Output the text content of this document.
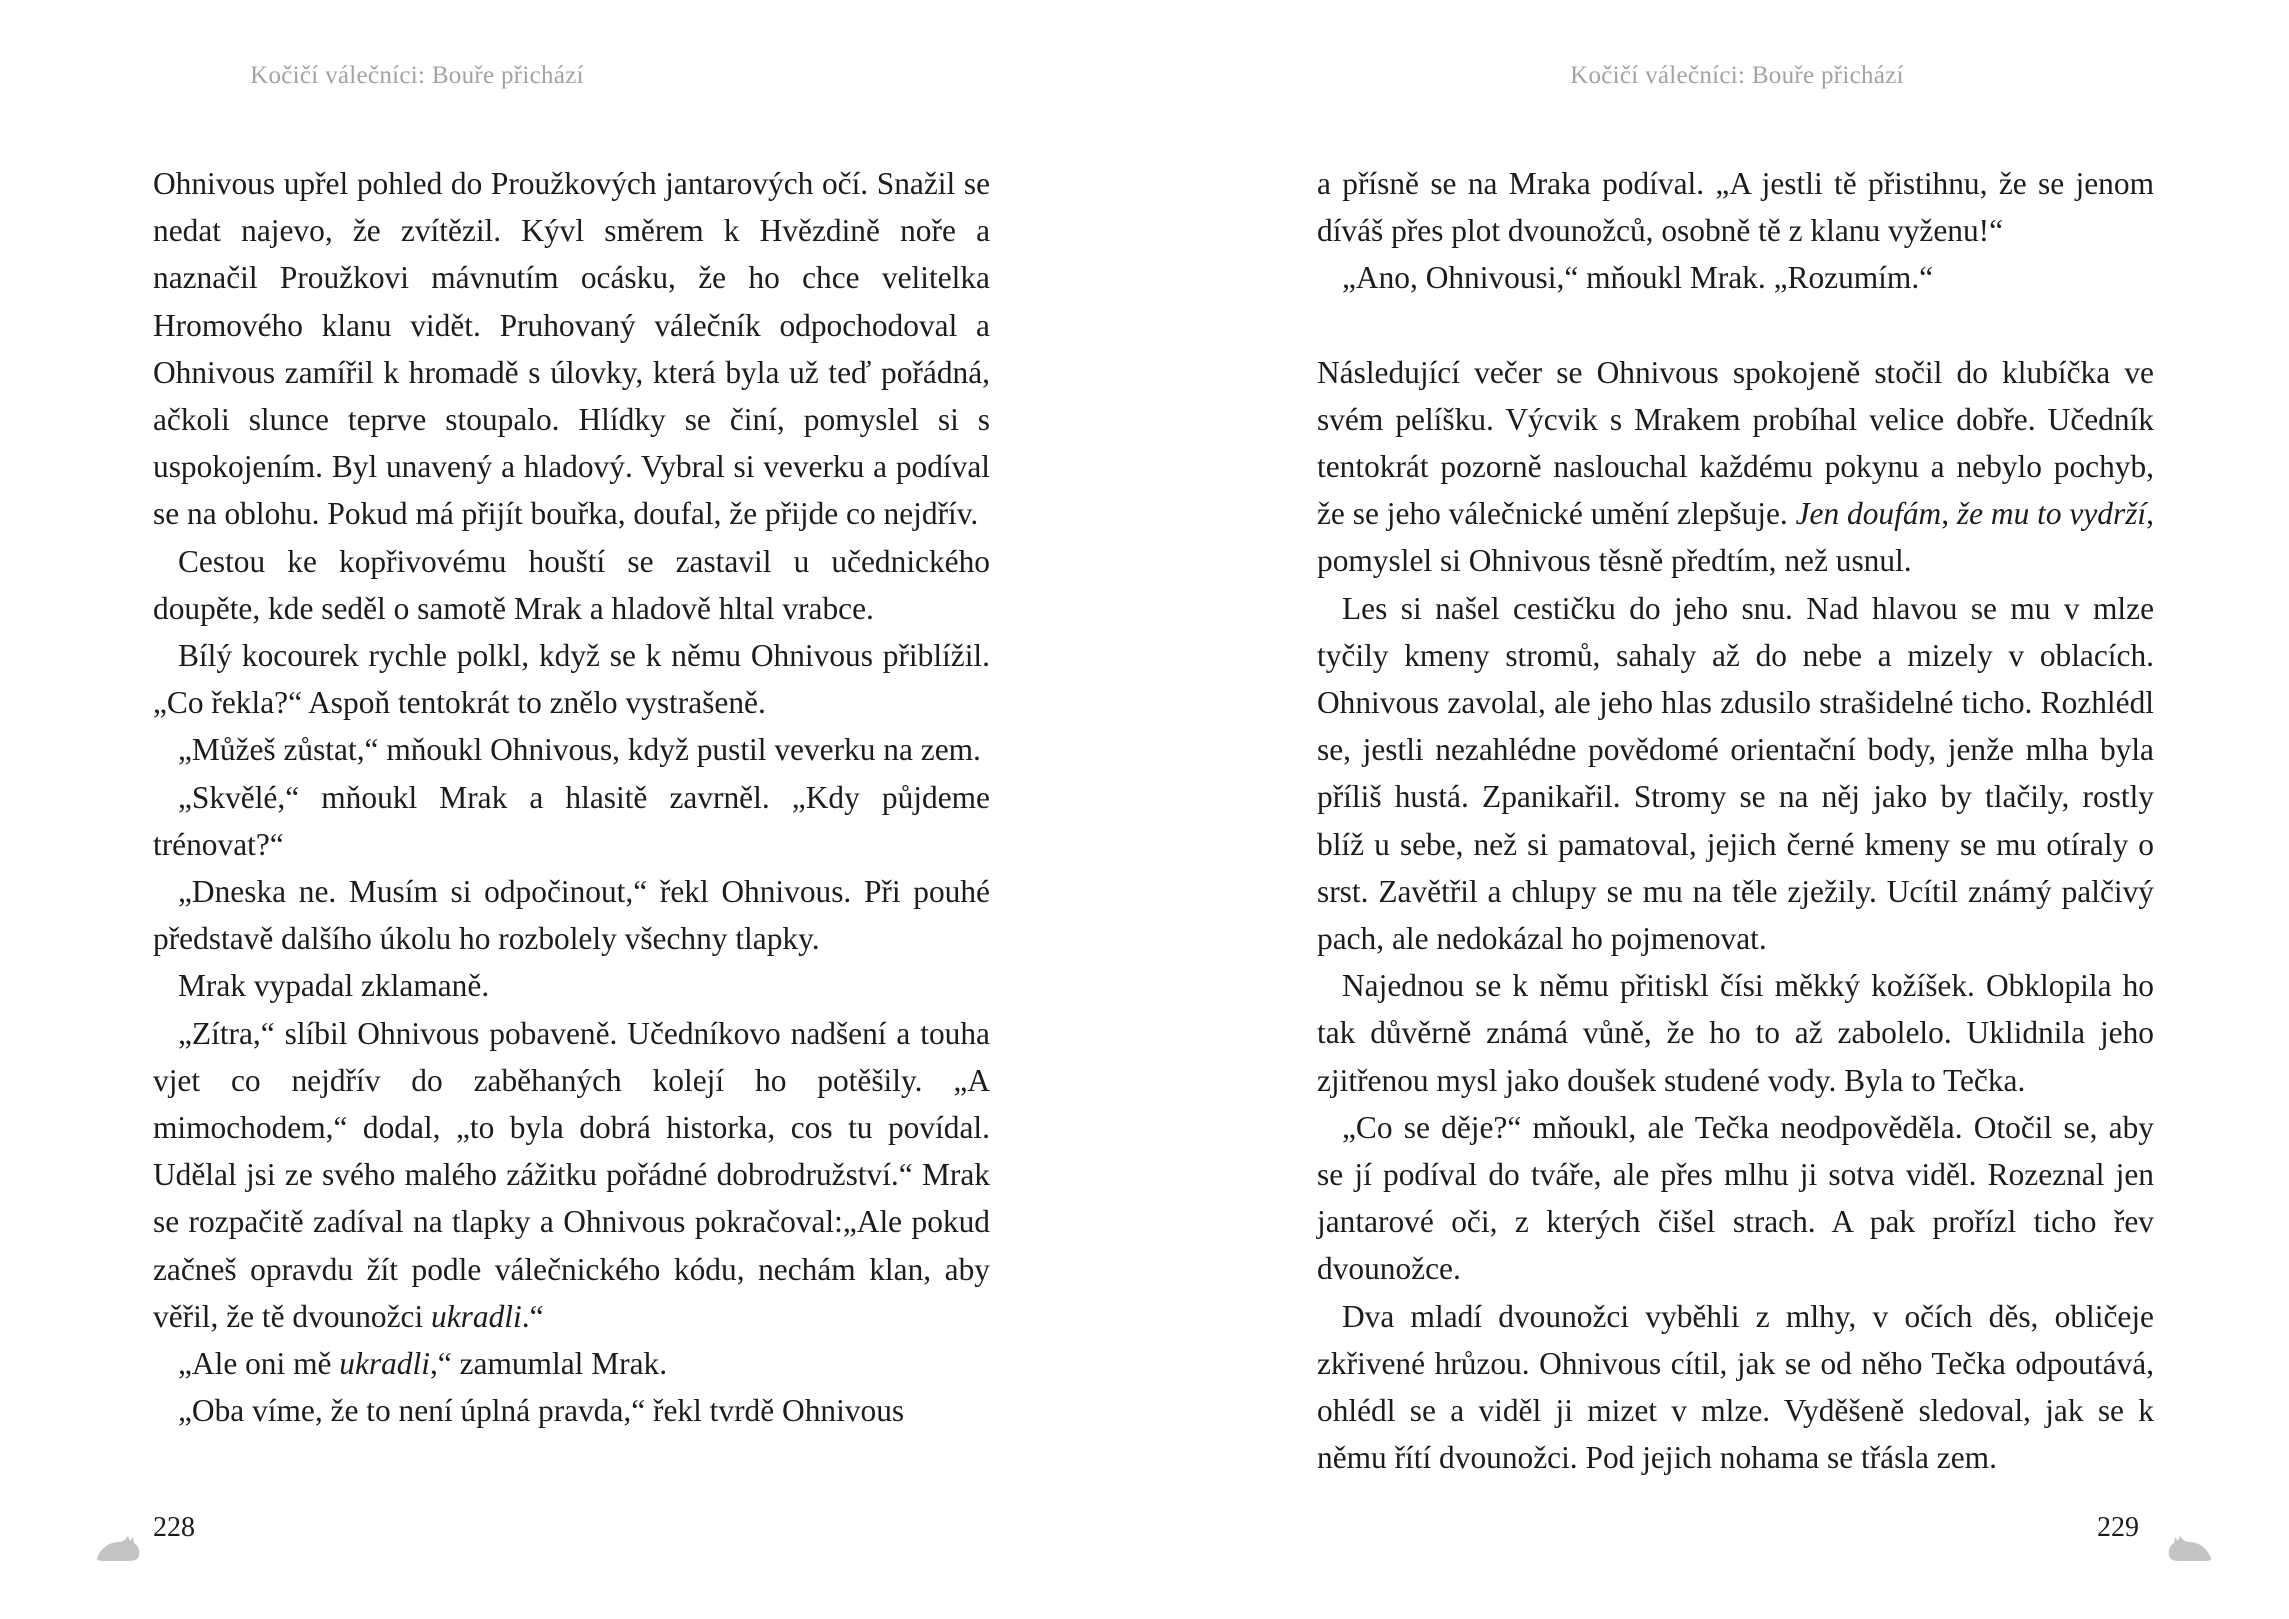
Kočičí válečníci: Bouře přichází

Ohnivous upřel pohled do Proužkových jantarových očí. Snažil se nedat najevo, že zvítězil. Kývl směrem k Hvězdině noře a naznačil Proužkovi mávnutím ocásku, že ho chce velitelka Hromového klanu vidět. Pruhovaný válečník odpochodoval a Ohnivous zamířil k hromadě s úlovky, která byla už teď pořádná, ačkoli slunce teprve stoupalo. Hlídky se činí, pomyslel si s uspokojením. Byl unavený a hladový. Vybral si veverku a podíval se na oblohu. Pokud má přijít bouřka, doufal, že přijde co nejdřív.

Cestou ke kopřivovému houští se zastavil u učednického doupěte, kde seděl o samotě Mrak a hladově hltal vrabce.

Bílý kocourek rychle polkl, když se k němu Ohnivous přiblížil. „Co řekla?“ Aspoň tentokrát to znělo vystrašeně.

„Můžeš zůstat,“ mňoukl Ohnivous, když pustil veverku na zem.

„Skvělé,“ mňoukl Mrak a hlasitě zavrněl. „Kdy půjdeme trénovat?“

„Dneska ne. Musím si odpočinout,“ řekl Ohnivous. Při pouhé představě dalšího úkolu ho rozbolely všechny tlapky.

Mrak vypadal zklamaně.

„Zítra,“ slíbil Ohnivous pobaveně. Učedníkovo nadšení a touha vjet co nejdřív do zaběhaných kolejí ho potěšily. „A mimochodem,“ dodal, „to byla dobrá historka, cos tu povídal. Udělal jsi ze svého malého zážitku pořádné dobrodružství.“ Mrak se rozpačitě zadíval na tlapky a Ohnivous pokračoval:„Ale pokud začneš opravdu žít podle válečnického kódu, nechám klan, aby věřil, že tě dvounožci ukradli.“

„Ale oni mě ukradli,“ zamumlal Mrak.

„Oba víme, že to není úplná pravda,“ řekl tvrdě Ohnivous

228
Kočičí válečníci: Bouře přichází

a přísně se na Mraka podíval. „A jestli tě přistihnu, že se jenom díváš přes plot dvounožců, osobně tě z klanu vyženu!“

„Ano, Ohnivousi,“ mňoukl Mrak. „Rozumím.“

Následující večer se Ohnivous spokojeně stočil do klubíčka ve svém pelíšku. Výcvik s Mrakem probíhal velice dobře. Učedník tentokrát pozorně naslouchal každému pokynu a nebylo pochyb, že se jeho válečnické umění zlepšuje. Jen doufám, že mu to vydrží, pomyslel si Ohnivous těsně předtím, než usnul.

Les si našel cestičku do jeho snu. Nad hlavou se mu v mlze tyčily kmeny stromů, sahaly až do nebe a mizely v oblacích. Ohnivous zavolal, ale jeho hlas zdusilo strašidelné ticho. Rozhlédl se, jestli nezahlédne povědomé orientační body, jenže mlha byla příliš hustá. Zpanikařil. Stromy se na něj jako by tlačily, rostly blíž u sebe, než si pamatoval, jejich černé kmeny se mu otíraly o srst. Zavětřil a chlupy se mu na těle zježily. Ucítil známý palčivý pach, ale nedokázal ho pojmenovat.

Najednou se k němu přitiskl čísi měkký kožíšek. Obklopila ho tak důvěrně známá vůně, že ho to až zabolelo. Uklidnila jeho zjitřenou mysl jako doušek studené vody. Byla to Tečka.

„Co se děje?“ mňoukl, ale Tečka neodpověděla. Otočil se, aby se jí podíval do tváře, ale přes mlhu ji sotva viděl. Rozeznal jen jantarové oči, z kterých čišel strach. A pak prořízl ticho řev dvounožce.

Dva mladí dvounožci vyběhli z mlhy, v očích děs, obličeje zkřivené hrůzou. Ohnivous cítil, jak se od něho Tečka odpoutává, ohlédl se a viděl ji mizet v mlze. Vyděšeně sledoval, jak se k němu řítí dvounožci. Pod jejich nohama se třásla zem.

229
